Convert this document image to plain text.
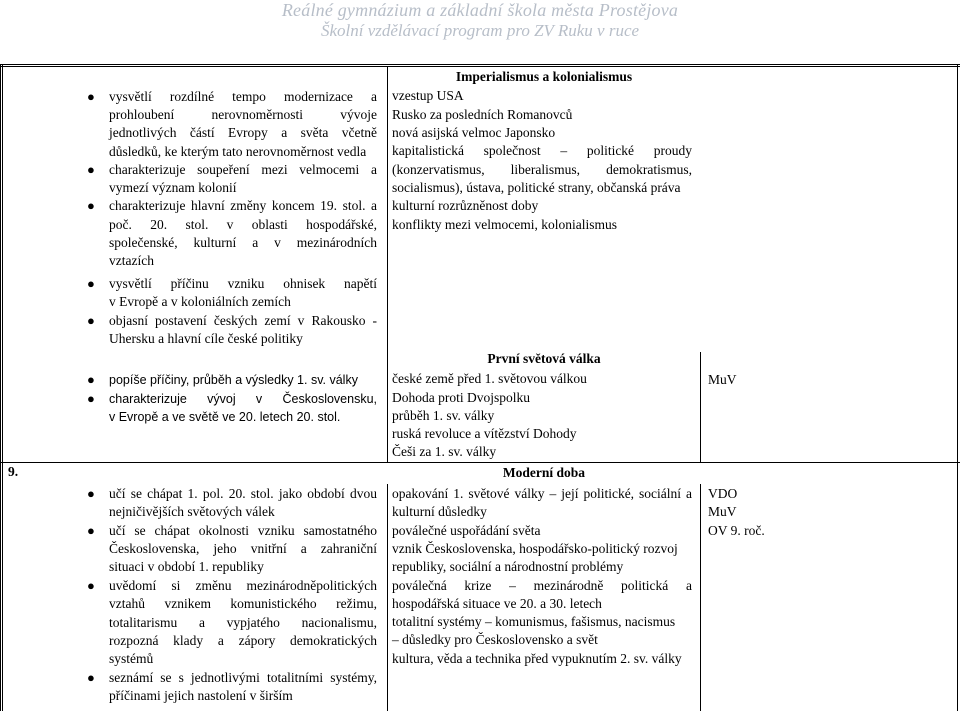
Reálné gymnázium a základní škola města Prostějova
Školní vzdělávací program pro ZV Ruku v ruce
Imperialismus a kolonialismus
● vysvětlí rozdílné tempo modernizace a
prohloubení nerovnoměrnosti vývoje
jednotlivých částí Evropy a světa včetně
důsledků, ke kterým tato nerovnoměrnost vedla
● charakterizuje soupeření mezi velmocemi a
vymezí význam kolonií
● charakterizuje hlavní změny koncem 19. stol. a
poč. 20. stol. v oblasti hospodářské,
společenské, kulturní a v mezinárodních
vztazích
● vysvětlí příčinu vzniku ohnisek napětí
v Evropě a v koloniálních zemích
● objasní postavení českých zemí v Rakousko -
Uhersku a hlavní cíle české politiky
vzestup USA
Rusko za posledních Romanovců
nová asijská velmoc Japonsko
kapitalistická společnost – politické proudy
(konzervatismus, liberalismus, demokratismus,
socialismus), ústava, politické strany, občanská práva
kulturní rozrůzněnost doby
konflikty mezi velmocemi, kolonialismus
První světová válka
● popíše příčiny, průběh a výsledky 1. sv. války
● charakterizuje vývoj v Československu,
v Evropě a ve světě ve 20. letech 20. stol.
české země před 1. světovou válkou
Dohoda proti Dvojspolku
průběh 1. sv. války
ruská revoluce a vítězství Dohody
Češi za 1. sv. války
MuV
9.	Moderní doba
● učí se chápat 1. pol. 20. stol. jako období dvou
nejničivějších světových válek
● učí se chápat okolnosti vzniku samostatného
Československa, jeho vnitřní a zahraniční
situaci v období 1. republiky
● uvědomí si změnu mezinárodněpolitických
vztahů vznikem komunistického režimu,
totalitarismu a vypjatého nacionalismu,
rozpozná klady a zápory demokratických
systémů
● seznámí se s jednotlivými totalitními systémy,
příčinami jejich nastolení v širším
opakování 1. světové války – její politické, sociální a
kulturní důsledky
poválečné uspořádání světa
vznik Československa, hospodářsko-politický rozvoj
republiky, sociální a národnostní problémy
poválečná krize – mezinárodně politická a
hospodářská situace ve 20. a 30. letech
totalitní systémy – komunismus, fašismus, nacismus
– důsledky pro Československo a svět
kultura, věda a technika před vypuknutím 2. sv. války
VDO
MuV
OV 9. roč.
